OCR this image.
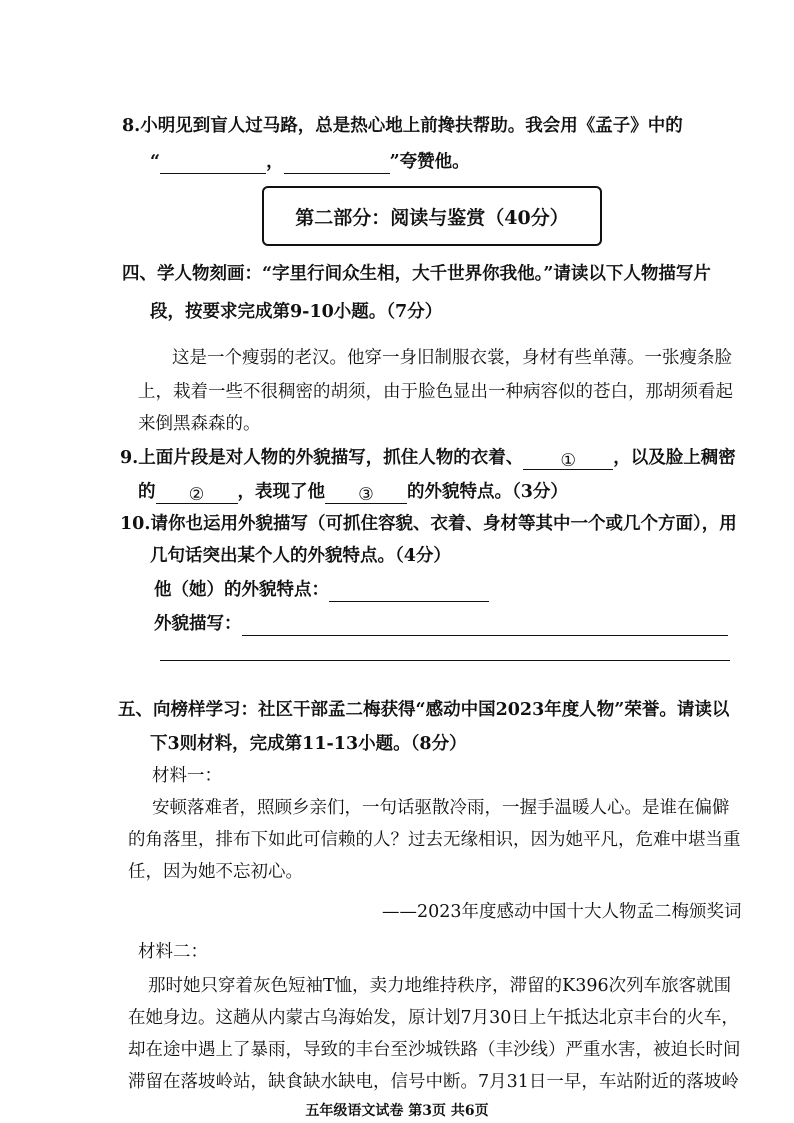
8.小明见到盲人过马路，总是热心地上前搀扶帮助。我会用《孟子》中的
“	，	”夸赞他。
第二部分：阅读与鉴赏（40分）
四、学人物刻画：“字里行间众生相，大千世界你我他。”请读以下人物描写片
段，按要求完成第9-10小题。（7分）
这是一个瘦弱的老汉。他穿一身旧制服衣裳，身材有些单薄。一张瘦条脸
上，栽着一些不很稠密的胡须，由于脸色显出一种病容似的苍白，那胡须看起
来倒黑森森的。
9.上面片段是对人物的外貌描写，抓住人物的衣着、 ① ，以及脸上稠密
的 ② ，表现了他 ③ 的外貌特点。（3分）
10.请你也运用外貌描写（可抓住容貌、衣着、身材等其中一个或几个方面），用
几句话突出某个人的外貌特点。（4分）
他（她）的外貌特点：
外貌描写：
五、向榜样学习：社区干部孟二梅获得“感动中国2023年度人物”荣誉。请读以
下3则材料，完成第11-13小题。（8分）
材料一：
安顿落难者，照顾乡亲们，一句话驱散冷雨，一握手温暖人心。是谁在偏僻
的角落里，排布下如此可信赖的人？过去无缘相识，因为她平凡，危难中堪当重
任，因为她不忘初心。
——2023年度感动中国十大人物孟二梅颁奖词
材料二：
那时她只穿着灰色短袖T恤，卖力地维持秩序，滞留的K396次列车旅客就围
在她身边。这趟从内蒙古乌海始发，原计划7月30日上午抵达北京丰台的火车，
却在途中遇上了暴雨，导致的丰台至沙城铁路（丰沙线）严重水害，被迫长时间
滞留在落坡岭站，缺食缺水缺电，信号中断。7月31日一早，车站附近的落坡岭
五年级语文试卷 第3页 共6页
